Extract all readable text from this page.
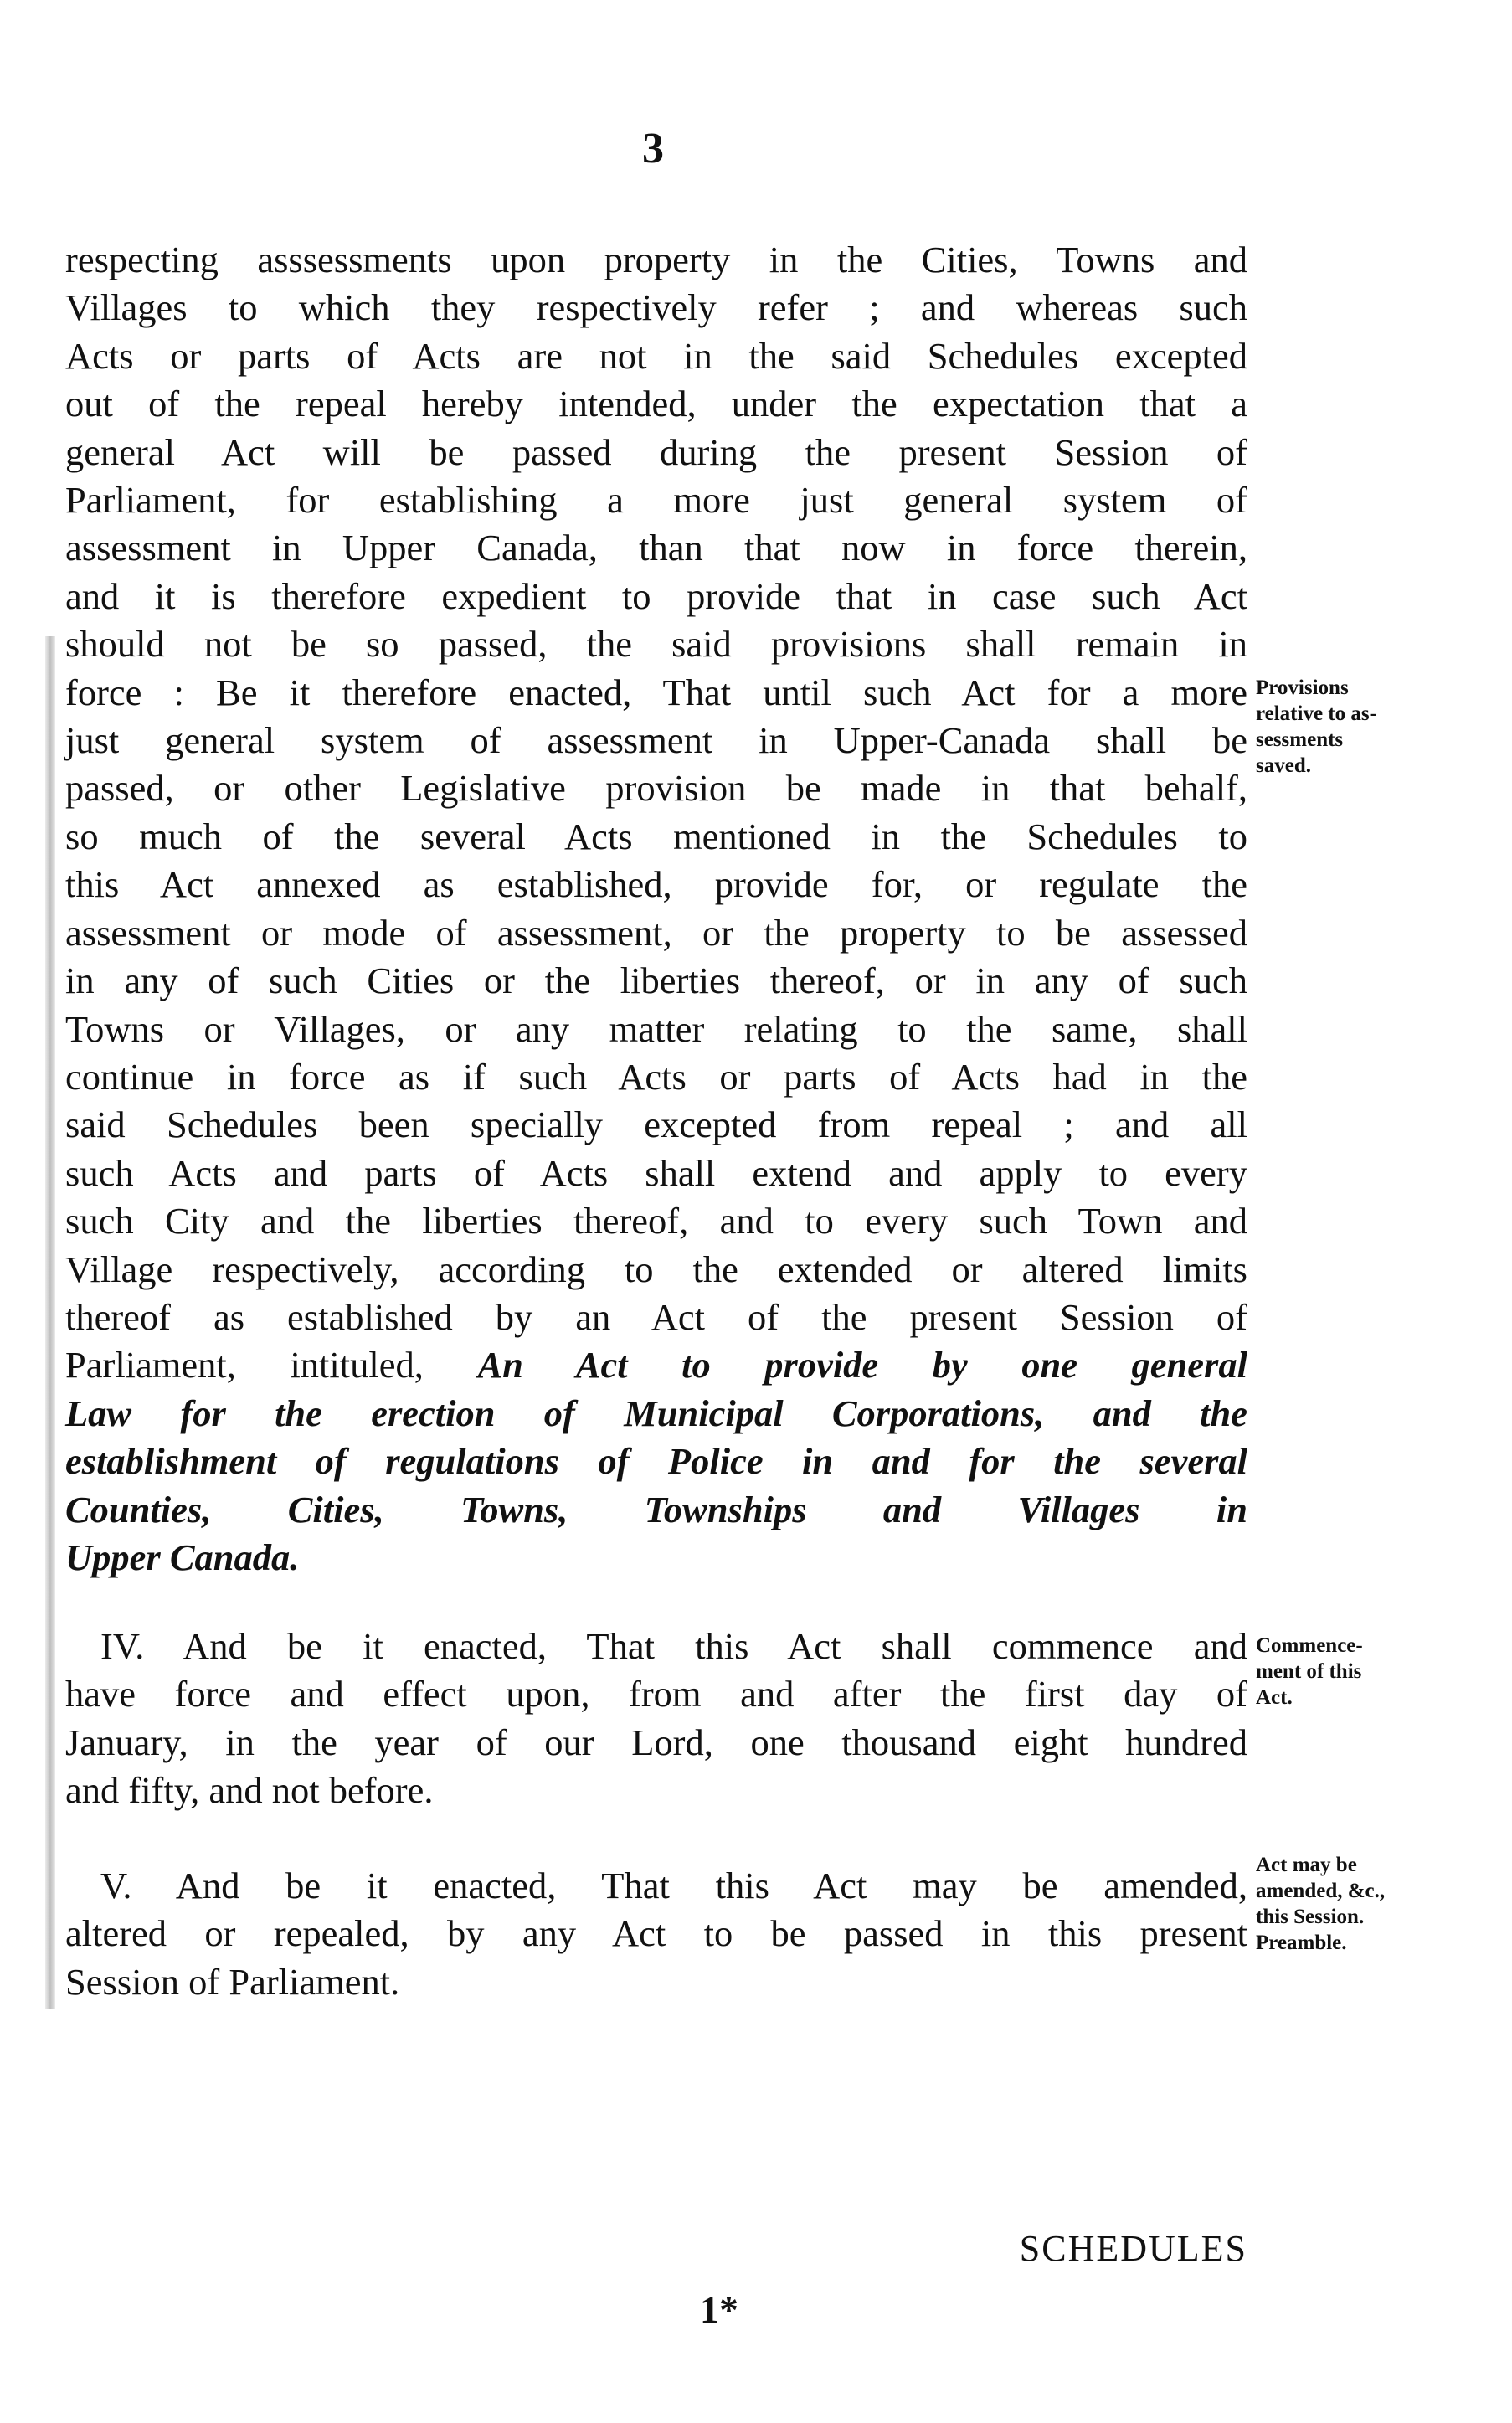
3
respecting asssessments upon property in the Cities, Towns and
Villages to which they respectively refer ; and whereas such
Acts or parts of Acts are not in the said Schedules excepted
out of the repeal hereby intended, under the expectation that a
general Act will be passed during the present Session of
Parliament, for establishing a more just general system of
assessment in Upper Canada, than that now in force therein,
and it is therefore expedient to provide that in case such Act
should not be so passed, the said provisions shall remain in
force : Be it therefore enacted, That until such Act for a more
just general system of assessment in Upper-Canada shall be
passed, or other Legislative provision be made in that behalf,
so much of the several Acts mentioned in the Schedules to
this Act annexed as established, provide for, or regulate the
assessment or mode of assessment, or the property to be assessed
in any of such Cities or the liberties thereof, or in any of such
Towns or Villages, or any matter relating to the same, shall
continue in force as if such Acts or parts of Acts had in the
said Schedules been specially excepted from repeal ; and all
such Acts and parts of Acts shall extend and apply to every
such City and the liberties thereof, and to every such Town and
Village respectively, according to the extended or altered limits
thereof as established by an Act of the present Session of
Parliament, intituled, An Act to provide by one general
Law for the erection of Municipal Corporations, and the
establishment of regulations of Police in and for the several
Counties, Cities, Towns, Townships and Villages in
Upper Canada.
IV. And be it enacted, That this Act shall commence and
have force and effect upon, from and after the first day of
January, in the year of our Lord, one thousand eight hundred
and fifty, and not before.
V. And be it enacted, That this Act may be amended,
altered or repealed, by any Act to be passed in this present
Session of Parliament.
Provisions
relative to as-
sessments
saved.
Commence-
ment of this
Act.
Act may be
amended, &c.,
this Session.
Preamble.
SCHEDULES
1*
